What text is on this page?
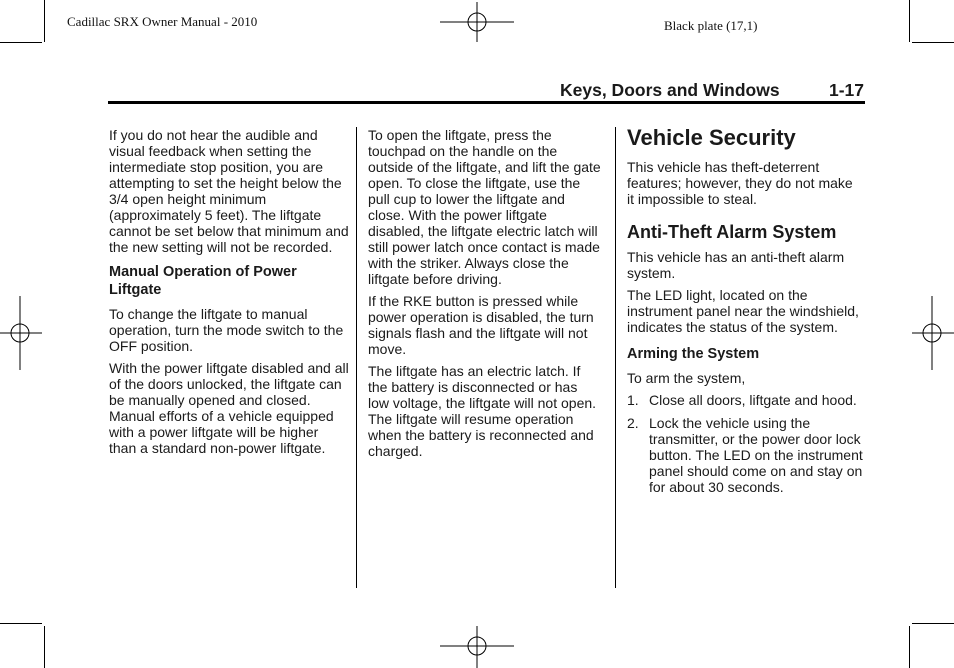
Cadillac SRX Owner Manual - 2010	Black plate (17,1)
Keys, Doors and Windows	1-17

If you do not hear the audible and visual feedback when setting the intermediate stop position, you are attempting to set the height below the 3/4 open height minimum (approximately 5 feet). The liftgate cannot be set below that minimum and the new setting will not be recorded.

Manual Operation of Power Liftgate

To change the liftgate to manual operation, turn the mode switch to the OFF position.

With the power liftgate disabled and all of the doors unlocked, the liftgate can be manually opened and closed. Manual efforts of a vehicle equipped with a power liftgate will be higher than a standard non-power liftgate.

To open the liftgate, press the touchpad on the handle on the outside of the liftgate, and lift the gate open. To close the liftgate, use the pull cup to lower the liftgate and close. With the power liftgate disabled, the liftgate electric latch will still power latch once contact is made with the striker. Always close the liftgate before driving.

If the RKE button is pressed while power operation is disabled, the turn signals flash and the liftgate will not move.

The liftgate has an electric latch. If the battery is disconnected or has low voltage, the liftgate will not open. The liftgate will resume operation when the battery is reconnected and charged.

Vehicle Security

This vehicle has theft-deterrent features; however, they do not make it impossible to steal.

Anti-Theft Alarm System

This vehicle has an anti-theft alarm system.

The LED light, located on the instrument panel near the windshield, indicates the status of the system.

Arming the System

To arm the system,

1. Close all doors, liftgate and hood.
2. Lock the vehicle using the transmitter, or the power door lock button. The LED on the instrument panel should come on and stay on for about 30 seconds.
